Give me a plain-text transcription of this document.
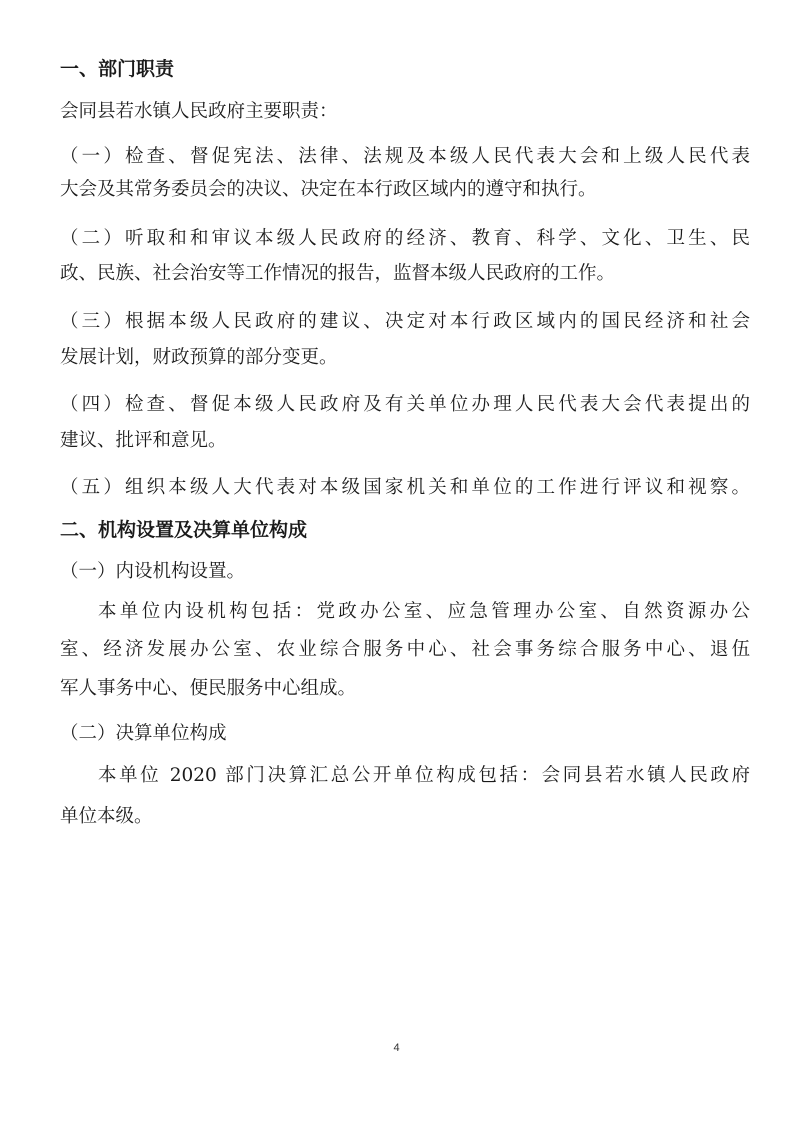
一、部门职责
会同县若水镇人民政府主要职责：
（一）检查、督促宪法、法律、法规及本级人民代表大会和上级人民代表
大会及其常务委员会的决议、决定在本行政区域内的遵守和执行。
（二）听取和和审议本级人民政府的经济、教育、科学、文化、卫生、民
政、民族、社会治安等工作情况的报告，监督本级人民政府的工作。
（三）根据本级人民政府的建议、决定对本行政区域内的国民经济和社会
发展计划，财政预算的部分变更。
（四）检查、督促本级人民政府及有关单位办理人民代表大会代表提出的
建议、批评和意见。
（五）组织本级人大代表对本级国家机关和单位的工作进行评议和视察。
二、机构设置及决算单位构成
（一）内设机构设置。
本单位内设机构包括：党政办公室、应急管理办公室、自然资源办公
室、经济发展办公室、农业综合服务中心、社会事务综合服务中心、退伍
军人事务中心、便民服务中心组成。
（二）决算单位构成
本单位 2020 部门决算汇总公开单位构成包括：会同县若水镇人民政府
单位本级。
4
